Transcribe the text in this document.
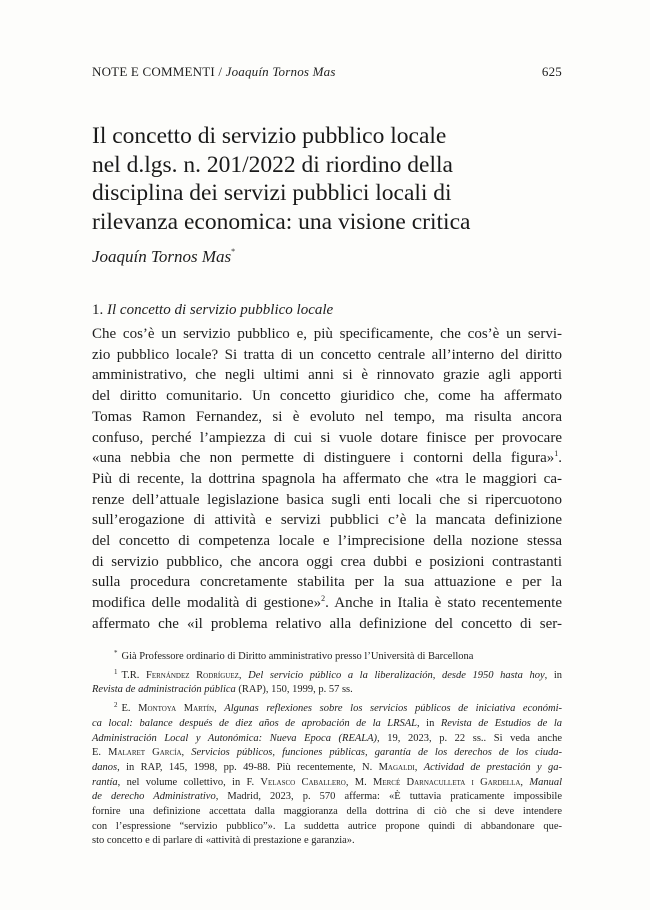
NOTE E COMMENTI / Joaquín Tornos Mas	625
Il concetto di servizio pubblico locale
nel d.lgs. n. 201/2022 di riordino della
disciplina dei servizi pubblici locali di
rilevanza economica: una visione critica
Joaquín Tornos Mas*
1. Il concetto di servizio pubblico locale
Che cos’è un servizio pubblico e, più specificamente, che cos’è un servi-
zio pubblico locale? Si tratta di un concetto centrale all’interno del diritto
amministrativo, che negli ultimi anni si è rinnovato grazie agli apporti
del diritto comunitario. Un concetto giuridico che, come ha affermato
Tomas Ramon Fernandez, si è evoluto nel tempo, ma risulta ancora
confuso, perché l’ampiezza di cui si vuole dotare finisce per provocare
«una nebbia che non permette di distinguere i contorni della figura»$^1$.
Più di recente, la dottrina spagnola ha affermato che «tra le maggiori ca-
renze dell’attuale legislazione basica sugli enti locali che si ripercuotono
sull’erogazione di attività e servizi pubblici c’è la mancata definizione
del concetto di competenza locale e l’imprecisione della nozione stessa
di servizio pubblico, che ancora oggi crea dubbi e posizioni contrastanti
sulla procedura concretamente stabilita per la sua attuazione e per la
modifica delle modalità di gestione»$^2$. Anche in Italia è stato recentemente
affermato che «il problema relativo alla definizione del concetto di ser-
* Già Professore ordinario di Diritto amministrativo presso l’Università di Barcellona
$^1$ T.R. Fernández Rodríguez, Del servicio público a la liberalización, desde 1950 hasta hoy, in
Revista de administración pública (RAP), 150, 1999, p. 57 ss.
$^2$ E. Montoya Martín, Algunas reflexiones sobre los servicios públicos de iniciativa económi-
ca local: balance después de diez años de aprobación de la LRSAL, in Revista de Estudios de la
Administración Local y Autonómica: Nueva Epoca (REALA), 19, 2023, p. 22 ss.. Si veda anche
E. Malaret García, Servicios públicos, funciones públicas, garantía de los derechos de los ciuda-
danos, in RAP, 145, 1998, pp. 49-88. Più recentemente, N. Magaldi, Actividad de prestación y ga-
rantía, nel volume collettivo, in F. Velasco Caballero, M. Mercé Darnaculleta i Gardella, Manual
de derecho Administrativo, Madrid, 2023, p. 570 afferma: «È tuttavia praticamente impossibile
fornire una definizione accettata dalla maggioranza della dottrina di ciò che si deve intendere
con l’espressione “servizio pubblico”». La suddetta autrice propone quindi di abbandonare que-
sto concetto e di parlare di «attività di prestazione e garanzia».
